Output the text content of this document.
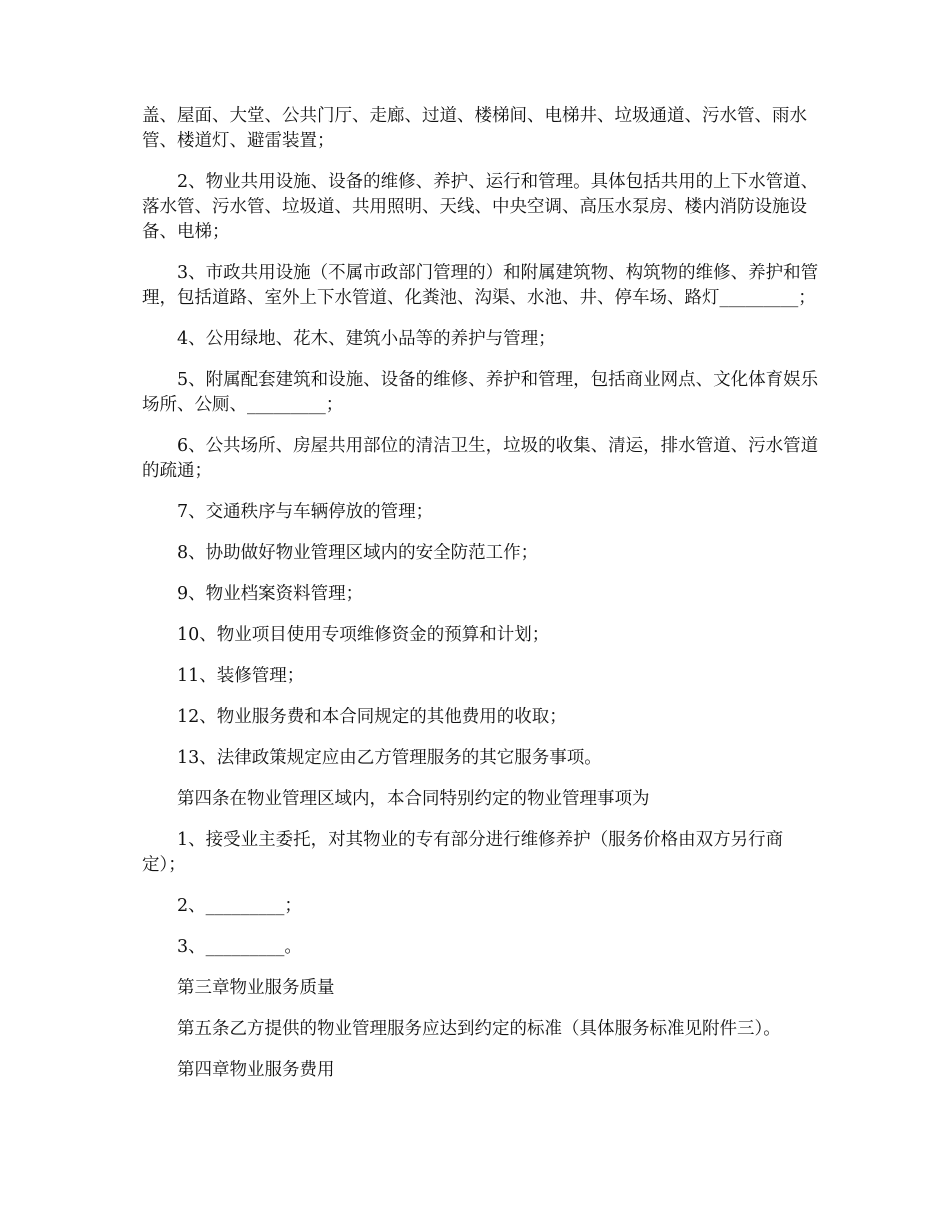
盖、屋面、大堂、公共门厅、走廊、过道、楼梯间、电梯井、垃圾通道、污水管、雨水管、楼道灯、避雷装置；

2、物业共用设施、设备的维修、养护、运行和管理。具体包括共用的上下水管道、落水管、污水管、垃圾道、共用照明、天线、中央空调、高压水泵房、楼内消防设施设备、电梯；

3、市政共用设施（不属市政部门管理的）和附属建筑物、构筑物的维修、养护和管理，包括道路、室外上下水管道、化粪池、沟渠、水池、井、停车场、路灯_________；

4、公用绿地、花木、建筑小品等的养护与管理；

5、附属配套建筑和设施、设备的维修、养护和管理，包括商业网点、文化体育娱乐场所、公厕、_________；

6、公共场所、房屋共用部位的清洁卫生，垃圾的收集、清运，排水管道、污水管道的疏通；

7、交通秩序与车辆停放的管理；

8、协助做好物业管理区域内的安全防范工作；

9、物业档案资料管理；

10、物业项目使用专项维修资金的预算和计划；

11、装修管理；

12、物业服务费和本合同规定的其他费用的收取；

13、法律政策规定应由乙方管理服务的其它服务事项。

第四条在物业管理区域内，本合同特别约定的物业管理事项为

1、接受业主委托，对其物业的专有部分进行维修养护（服务价格由双方另行商定）；

2、_________；

3、_________。

第三章物业服务质量

第五条乙方提供的物业管理服务应达到约定的标准（具体服务标准见附件三）。

第四章物业服务费用
